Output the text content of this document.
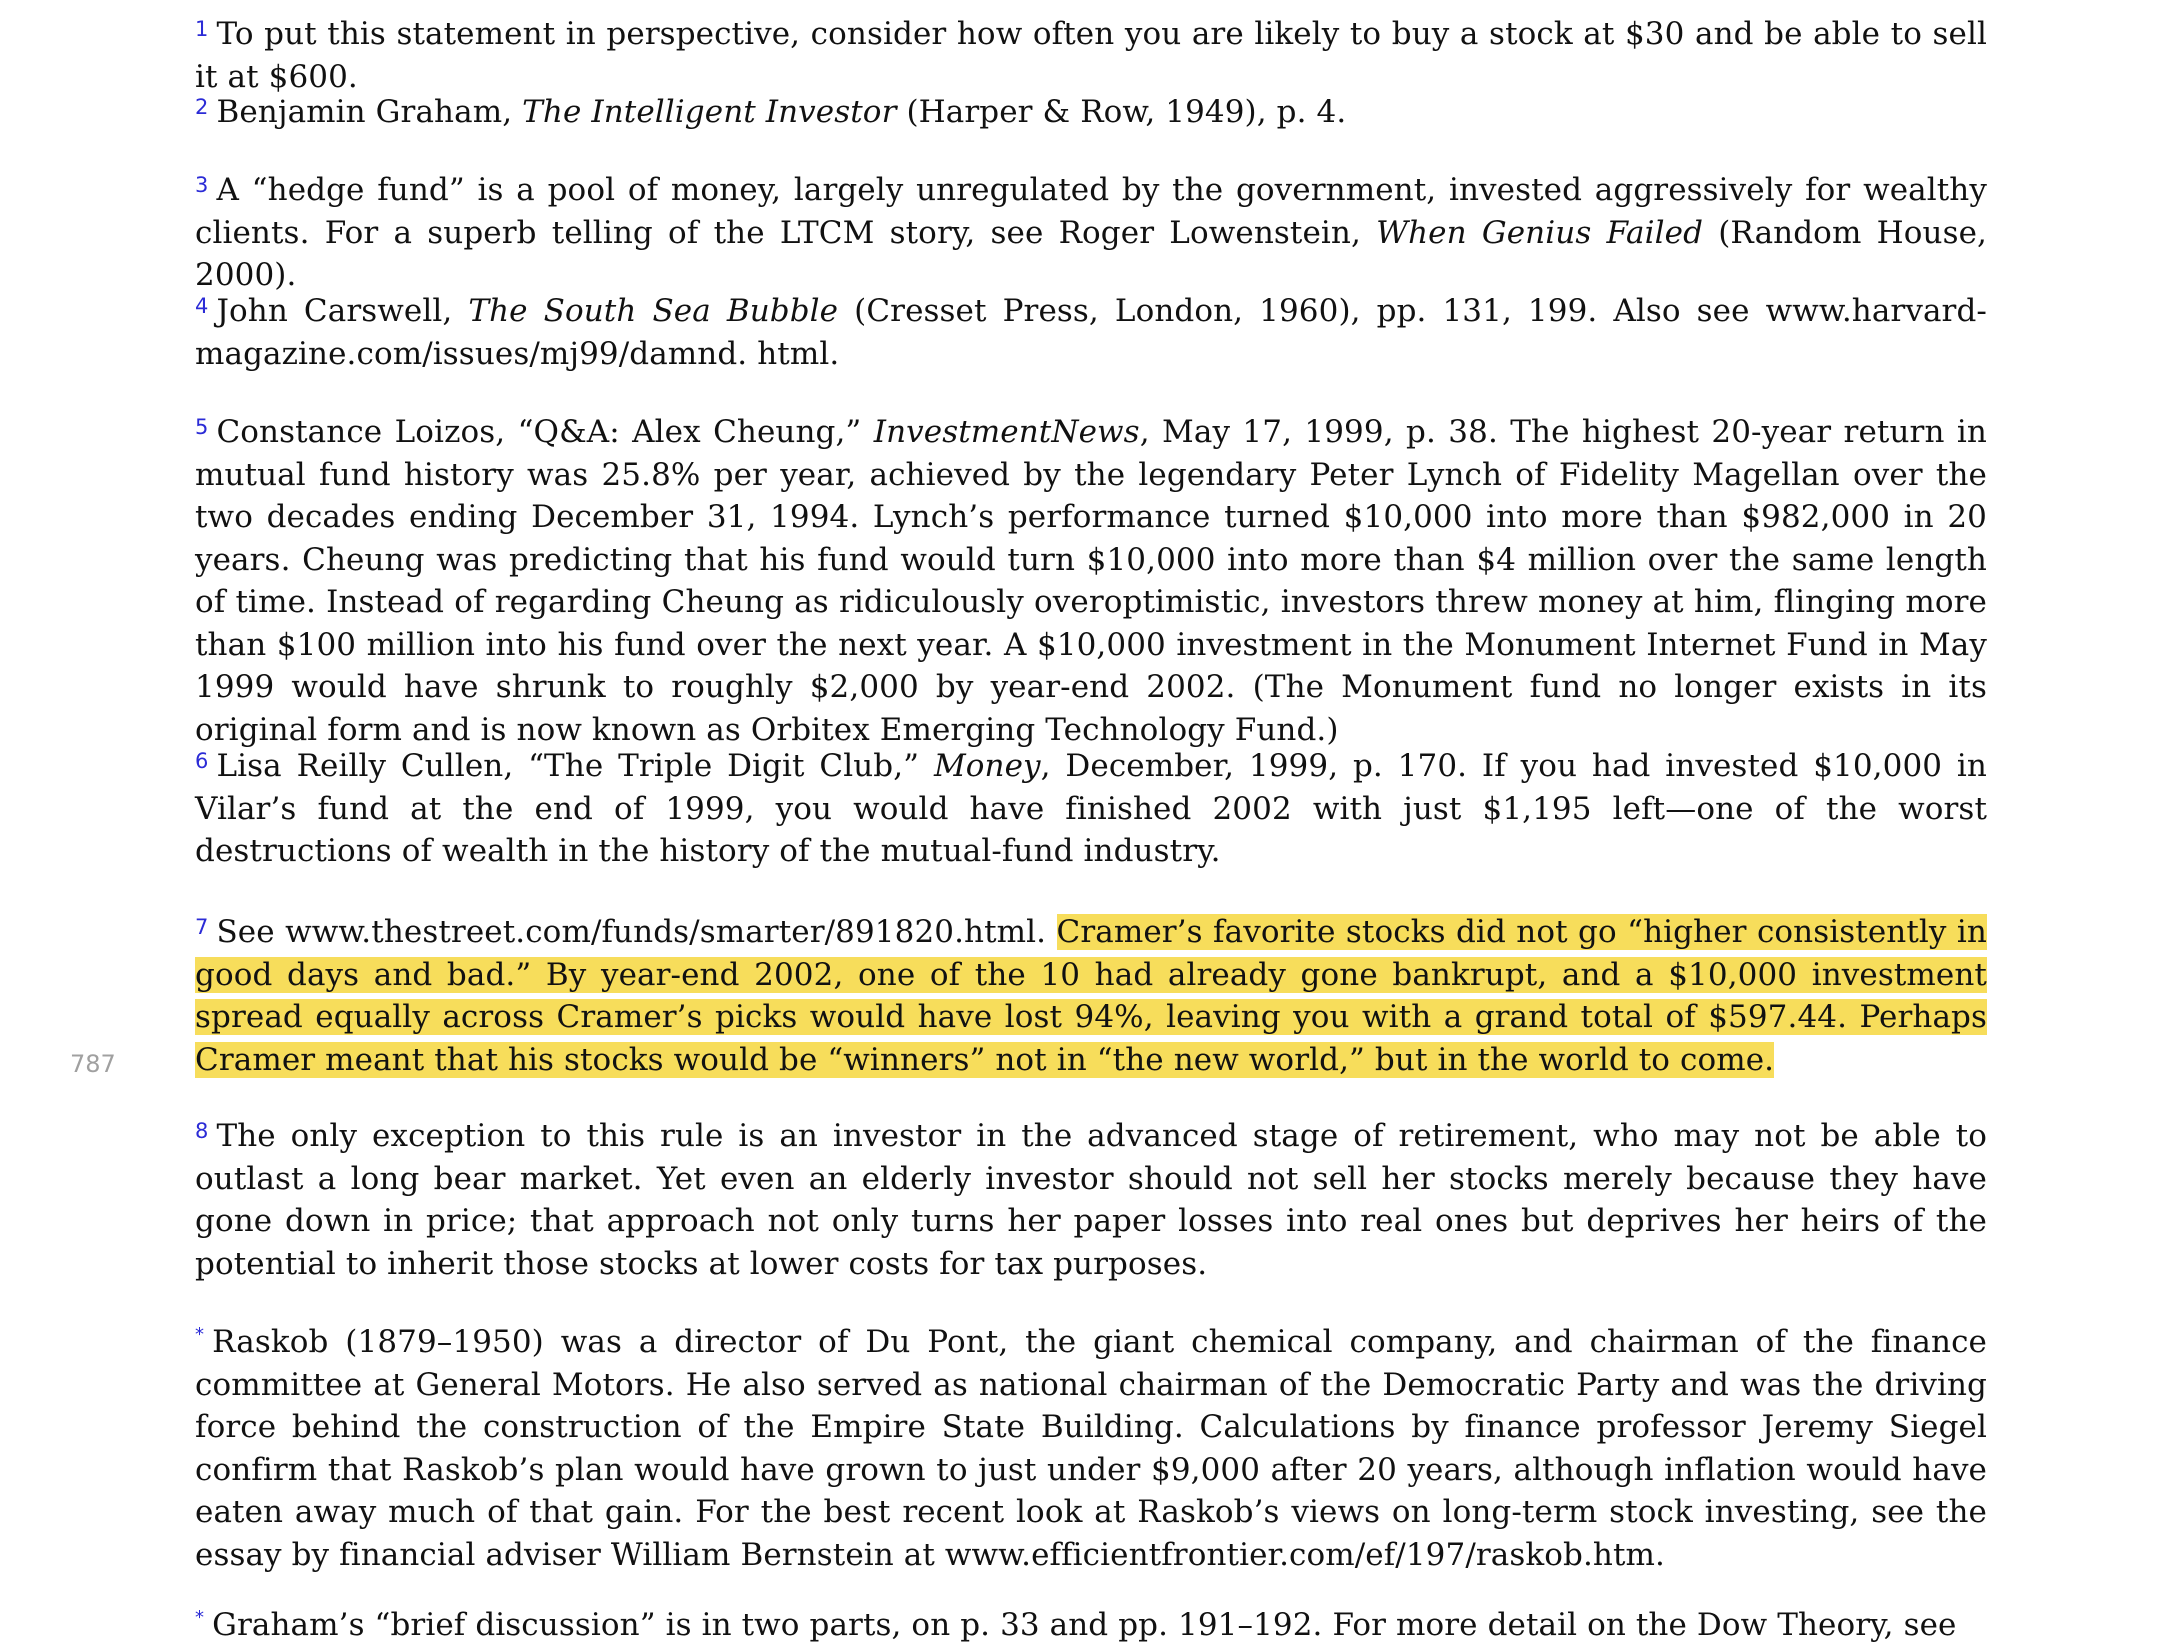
787

$^1$ To put this statement in perspective, consider how often you are likely to buy a stock at $30 and be able to sell it at $600.

$^2$ Benjamin Graham, The Intelligent Investor (Harper & Row, 1949), p. 4.

$^3$ A “hedge fund” is a pool of money, largely unregulated by the government, invested aggressively for wealthy clients. For a superb telling of the LTCM story, see Roger Lowenstein, When Genius Failed (Random House, 2000).

$^4$ John Carswell, The South Sea Bubble (Cresset Press, London, 1960), pp. 131, 199. Also see www.harvard-magazine.com/issues/mj99/damnd. html.

$^5$ Constance Loizos, “Q&A: Alex Cheung,” InvestmentNews, May 17, 1999, p. 38. The highest 20-year return in mutual fund history was 25.8% per year, achieved by the legendary Peter Lynch of Fidelity Magellan over the two decades ending December 31, 1994. Lynch’s performance turned $10,000 into more than $982,000 in 20 years. Cheung was predicting that his fund would turn $10,000 into more than $4 million over the same length of time. Instead of regarding Cheung as ridiculously overoptimistic, investors threw money at him, flinging more than $100 million into his fund over the next year. A $10,000 investment in the Monument Internet Fund in May 1999 would have shrunk to roughly $2,000 by year-end 2002. (The Monument fund no longer exists in its original form and is now known as Orbitex Emerging Technology Fund.)

$^6$ Lisa Reilly Cullen, “The Triple Digit Club,” Money, December, 1999, p. 170. If you had invested $10,000 in Vilar’s fund at the end of 1999, you would have finished 2002 with just $1,195 left—one of the worst destructions of wealth in the history of the mutual-fund industry.

$^7$ See www.thestreet.com/funds/smarter/891820.html. Cramer’s favorite stocks did not go “higher consistently in good days and bad.” By year-end 2002, one of the 10 had already gone bankrupt, and a $10,000 investment spread equally across Cramer’s picks would have lost 94%, leaving you with a grand total of $597.44. Perhaps Cramer meant that his stocks would be “winners” not in “the new world,” but in the world to come.

$^8$ The only exception to this rule is an investor in the advanced stage of retirement, who may not be able to outlast a long bear market. Yet even an elderly investor should not sell her stocks merely because they have gone down in price; that approach not only turns her paper losses into real ones but deprives her heirs of the potential to inherit those stocks at lower costs for tax purposes.

* Raskob (1879–1950) was a director of Du Pont, the giant chemical company, and chairman of the finance committee at General Motors. He also served as national chairman of the Democratic Party and was the driving force behind the construction of the Empire State Building. Calculations by finance professor Jeremy Siegel confirm that Raskob’s plan would have grown to just under $9,000 after 20 years, although inflation would have eaten away much of that gain. For the best recent look at Raskob’s views on long-term stock investing, see the essay by financial adviser William Bernstein at www.efficientfrontier.com/ef/197/raskob.htm.

* Graham’s “brief discussion” is in two parts, on p. 33 and pp. 191–192. For more detail on the Dow Theory, see
